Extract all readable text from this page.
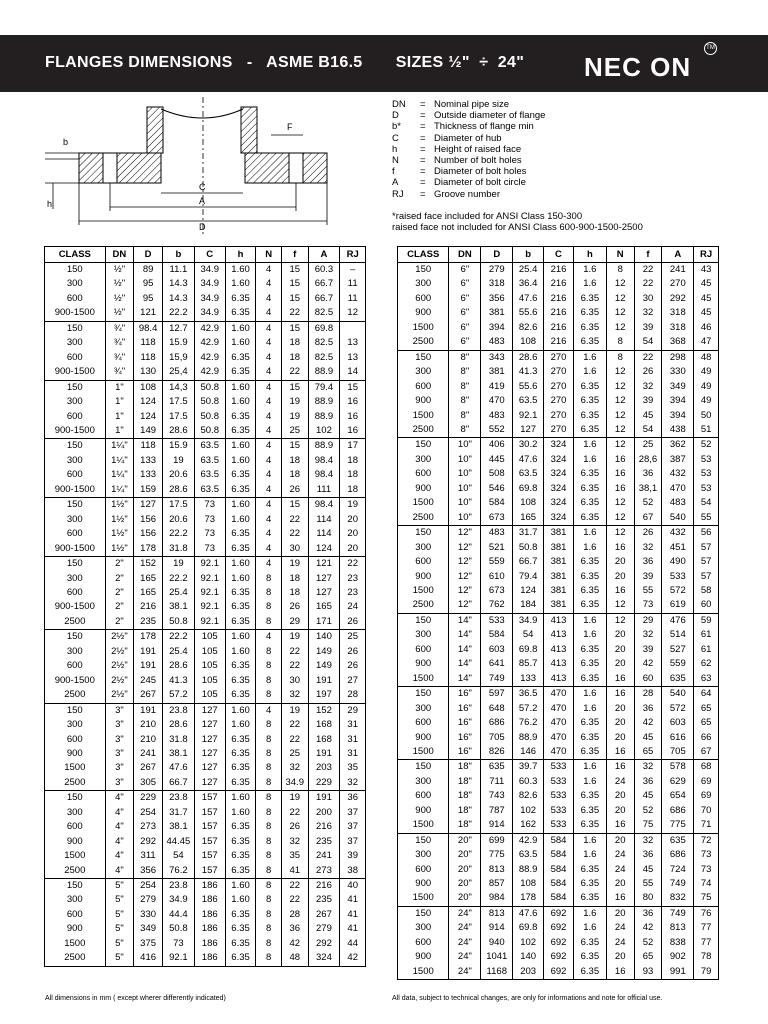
FLANGES DIMENSIONS   -   ASME B16.5       SIZES ½"  ÷  24" NEC ON
TM
b
h
F
C
A
D
DN	= Nominal pipe size
D	= Outside diameter of flange
b*	= Thickness of flange min
C	= Diameter of hub
h	= Height of raised face
N	= Number of bolt holes
f	= Diameter of bolt holes
A	= Diameter of bolt circle
RJ	= Groove number
*raised face included for ANSI Class 150-300
raised face not included for ANSI Class 600-900-1500-2500
CLASS	DN	D	b	C	h	N	f	A	RJ
150	½"	89	11.1	34.9	1.60	4	15	60.3	–
300	½"	95	14.3	34.9	1.60	4	15	66.7	11
600	½"	95	14.3	34.9	6.35	4	15	66.7	11
900-1500	½"	121	22.2	34.9	6.35	4	22	82.5	12
150	¾"	98.4	12.7	42.9	1.60	4	15	69.8	
300	¾"	118	15.9	42.9	1.60	4	18	82.5	13
600	¾"	118	15,9	42.9	6.35	4	18	82.5	13
900-1500	¾"	130	25,4	42.9	6.35	4	22	88.9	14
150	1"	108	14,3	50.8	1.60	4	15	79.4	15
300	1"	124	17.5	50.8	1.60	4	19	88.9	16
600	1"	124	17.5	50.8	6.35	4	19	88.9	16
900-1500	1"	149	28.6	50.8	6.35	4	25	102	16
150	1¼"	118	15.9	63.5	1.60	4	15	88.9	17
300	1¼"	133	19	63.5	1.60	4	18	98.4	18
600	1¼"	133	20.6	63.5	6.35	4	18	98.4	18
900-1500	1¼"	159	28.6	63.5	6.35	4	26	111	18
150	1½"	127	17.5	73	1.60	4	15	98.4	19
300	1½"	156	20.6	73	1.60	4	22	114	20
600	1½"	156	22.2	73	6.35	4	22	114	20
900-1500	1½"	178	31.8	73	6.35	4	30	124	20
150	2"	152	19	92.1	1.60	4	19	121	22
300	2"	165	22.2	92.1	1.60	8	18	127	23
600	2"	165	25.4	92.1	6.35	8	18	127	23
900-1500	2"	216	38.1	92.1	6.35	8	26	165	24
2500	2"	235	50.8	92.1	6.35	8	29	171	26
150	2½"	178	22.2	105	1.60	4	19	140	25
300	2½"	191	25.4	105	1.60	8	22	149	26
600	2½"	191	28.6	105	6.35	8	22	149	26
900-1500	2½"	245	41.3	105	6.35	8	30	191	27
2500	2½"	267	57.2	105	6.35	8	32	197	28
150	3"	191	23.8	127	1.60	4	19	152	29
300	3"	210	28.6	127	1.60	8	22	168	31
600	3"	210	31.8	127	6.35	8	22	168	31
900	3"	241	38.1	127	6.35	8	25	191	31
1500	3"	267	47.6	127	6.35	8	32	203	35
2500	3"	305	66.7	127	6.35	8	34.9	229	32
150	4"	229	23.8	157	1.60	8	19	191	36
300	4"	254	31.7	157	1.60	8	22	200	37
600	4"	273	38.1	157	6.35	8	26	216	37
900	4"	292	44.45	157	6.35	8	32	235	37
1500	4"	311	54	157	6.35	8	35	241	39
2500	4"	356	76.2	157	6.35	8	41	273	38
150	5"	254	23.8	186	1.60	8	22	216	40
300	5"	279	34.9	186	1.60	8	22	235	41
600	5"	330	44.4	186	6.35	8	28	267	41
900	5"	349	50.8	186	6.35	8	36	279	41
1500	5"	375	73	186	6.35	8	42	292	44
2500	5"	416	92.1	186	6.35	8	48	324	42
CLASS	DN	D	b	C	h	N	f	A	RJ
150	6"	279	25.4	216	1.6	8	22	241	43
300	6"	318	36.4	216	1.6	12	22	270	45
600	6"	356	47.6	216	6.35	12	30	292	45
900	6"	381	55.6	216	6.35	12	32	318	45
1500	6"	394	82.6	216	6.35	12	39	318	46
2500	6"	483	108	216	6.35	8	54	368	47
150	8"	343	28.6	270	1.6	8	22	298	48
300	8"	381	41.3	270	1.6	12	26	330	49
600	8"	419	55.6	270	6.35	12	32	349	49
900	8"	470	63.5	270	6.35	12	39	394	49
1500	8"	483	92.1	270	6.35	12	45	394	50
2500	8"	552	127	270	6.35	12	54	438	51
150	10"	406	30.2	324	1.6	12	25	362	52
300	10"	445	47.6	324	1.6	16	28,6	387	53
600	10"	508	63.5	324	6.35	16	36	432	53
900	10"	546	69.8	324	6.35	16	38,1	470	53
1500	10"	584	108	324	6.35	12	52	483	54
2500	10"	673	165	324	6.35	12	67	540	55
150	12"	483	31.7	381	1.6	12	26	432	56
300	12"	521	50.8	381	1.6	16	32	451	57
600	12"	559	66.7	381	6.35	20	36	490	57
900	12"	610	79.4	381	6.35	20	39	533	57
1500	12"	673	124	381	6.35	16	55	572	58
2500	12"	762	184	381	6.35	12	73	619	60
150	14"	533	34.9	413	1.6	12	29	476	59
300	14"	584	54	413	1.6	20	32	514	61
600	14"	603	69.8	413	6.35	20	39	527	61
900	14"	641	85.7	413	6.35	20	42	559	62
1500	14"	749	133	413	6.35	16	60	635	63
150	16"	597	36.5	470	1.6	16	28	540	64
300	16"	648	57.2	470	1.6	20	36	572	65
600	16"	686	76.2	470	6.35	20	42	603	65
900	16"	705	88.9	470	6.35	20	45	616	66
1500	16"	826	146	470	6.35	16	65	705	67
150	18"	635	39.7	533	1.6	16	32	578	68
300	18"	711	60.3	533	1.6	24	36	629	69
600	18"	743	82.6	533	6.35	20	45	654	69
900	18"	787	102	533	6.35	20	52	686	70
1500	18"	914	162	533	6.35	16	75	775	71
150	20"	699	42.9	584	1.6	20	32	635	72
300	20"	775	63.5	584	1.6	24	36	686	73
600	20"	813	88.9	584	6.35	24	45	724	73
900	20"	857	108	584	6.35	20	55	749	74
1500	20"	984	178	584	6.35	16	80	832	75
150	24"	813	47.6	692	1.6	20	36	749	76
300	24"	914	69.8	692	1.6	24	42	813	77
600	24"	940	102	692	6.35	24	52	838	77
900	24"	1041	140	692	6.35	20	65	902	78
1500	24"	1168	203	692	6.35	16	93	991	79
All dimensions in mm ( except wherer differently indicated)	All data, subject to technical changes, are only for informations and note for official use.
